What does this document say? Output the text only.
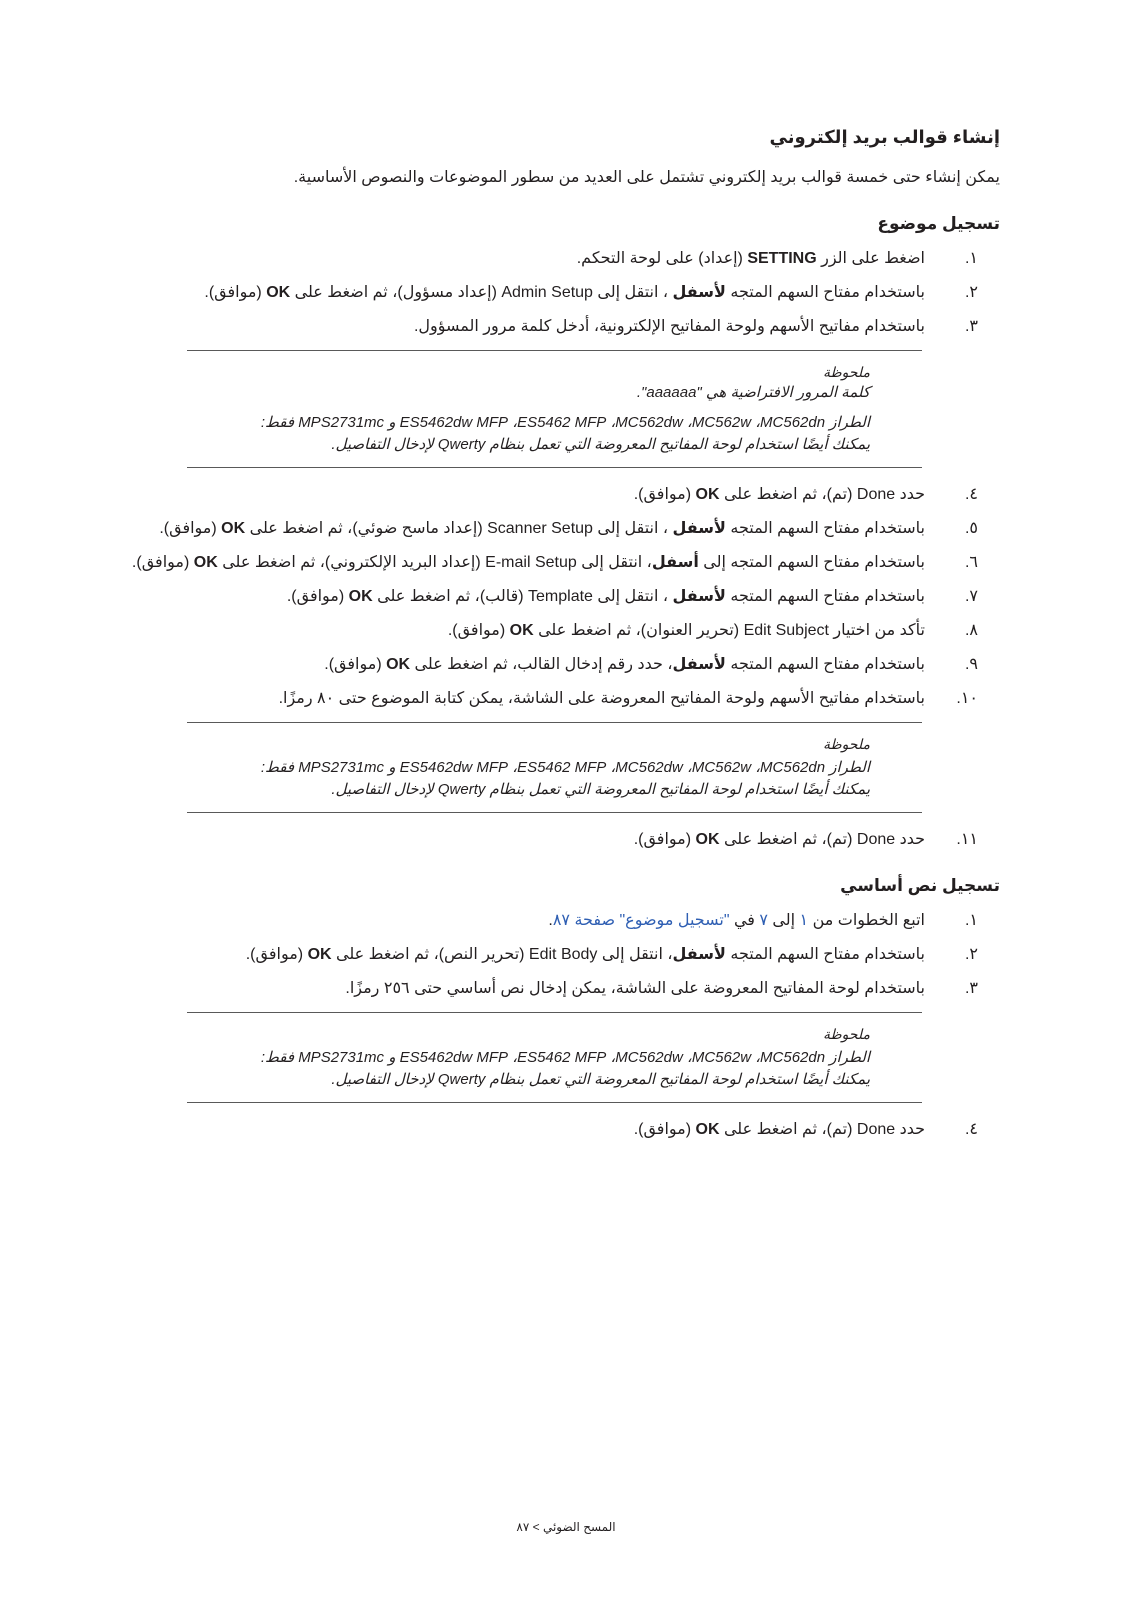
إنشاء قوالب بريد إلكتروني

يمكن إنشاء حتى خمسة قوالب بريد إلكتروني تشتمل على العديد من سطور الموضوعات والنصوص الأساسية.

تسجيل موضوع
١.
اضغط على الزر SETTING (إعداد) على لوحة التحكم.
٢.
باستخدام مفتاح السهم المتجه لأسفل ، انتقل إلى Admin Setup (إعداد مسؤول)، ثم اضغط على OK (موافق).
٣.
باستخدام مفاتيح الأسهم ولوحة المفاتيح الإلكترونية، أدخل كلمة مرور المسؤول.
ملحوظة
كلمة المرور الافتراضية هي "aaaaaa".
الطراز MC562dn، MC562w، MC562dw، ES5462 MFP، ES5462dw MFP و MPS2731mc فقط:
يمكنك أيضًا استخدام لوحة المفاتيح المعروضة التي تعمل بنظام Qwerty لإدخال التفاصيل.
٤.
حدد Done (تم)، ثم اضغط على OK (موافق).
٥.
باستخدام مفتاح السهم المتجه لأسفل ، انتقل إلى Scanner Setup (إعداد ماسح ضوئي)، ثم اضغط على OK (موافق).
٦.
باستخدام مفتاح السهم المتجه إلى أسفل، انتقل إلى E-mail Setup (إعداد البريد الإلكتروني)، ثم اضغط على OK (موافق).
٧.
باستخدام مفتاح السهم المتجه لأسفل ، انتقل إلى Template (قالب)، ثم اضغط على OK (موافق).
٨.
تأكد من اختيار Edit Subject (تحرير العنوان)، ثم اضغط على OK (موافق).
٩.
باستخدام مفتاح السهم المتجه لأسفل، حدد رقم إدخال القالب، ثم اضغط على OK (موافق).
١٠.
باستخدام مفاتيح الأسهم ولوحة المفاتيح المعروضة على الشاشة، يمكن كتابة الموضوع حتى ٨٠ رمزًا.
ملحوظة
الطراز MC562dn، MC562w، MC562dw، ES5462 MFP، ES5462dw MFP و MPS2731mc فقط:
يمكنك أيضًا استخدام لوحة المفاتيح المعروضة التي تعمل بنظام Qwerty لإدخال التفاصيل.
١١.
حدد Done (تم)، ثم اضغط على OK (موافق).
تسجيل نص أساسي
١.
اتبع الخطوات من ١ إلى ٧ في "تسجيل موضوع" صفحة ٨٧.
٢.
باستخدام مفتاح السهم المتجه لأسفل، انتقل إلى Edit Body (تحرير النص)، ثم اضغط على OK (موافق).
٣.
باستخدام لوحة المفاتيح المعروضة على الشاشة، يمكن إدخال نص أساسي حتى ٢٥٦ رمزًا.
ملحوظة
الطراز MC562dn، MC562w، MC562dw، ES5462 MFP، ES5462dw MFP و MPS2731mc فقط:
يمكنك أيضًا استخدام لوحة المفاتيح المعروضة التي تعمل بنظام Qwerty لإدخال التفاصيل.
٤.
حدد Done (تم)، ثم اضغط على OK (موافق).
المسح الضوئي > ٨٧
